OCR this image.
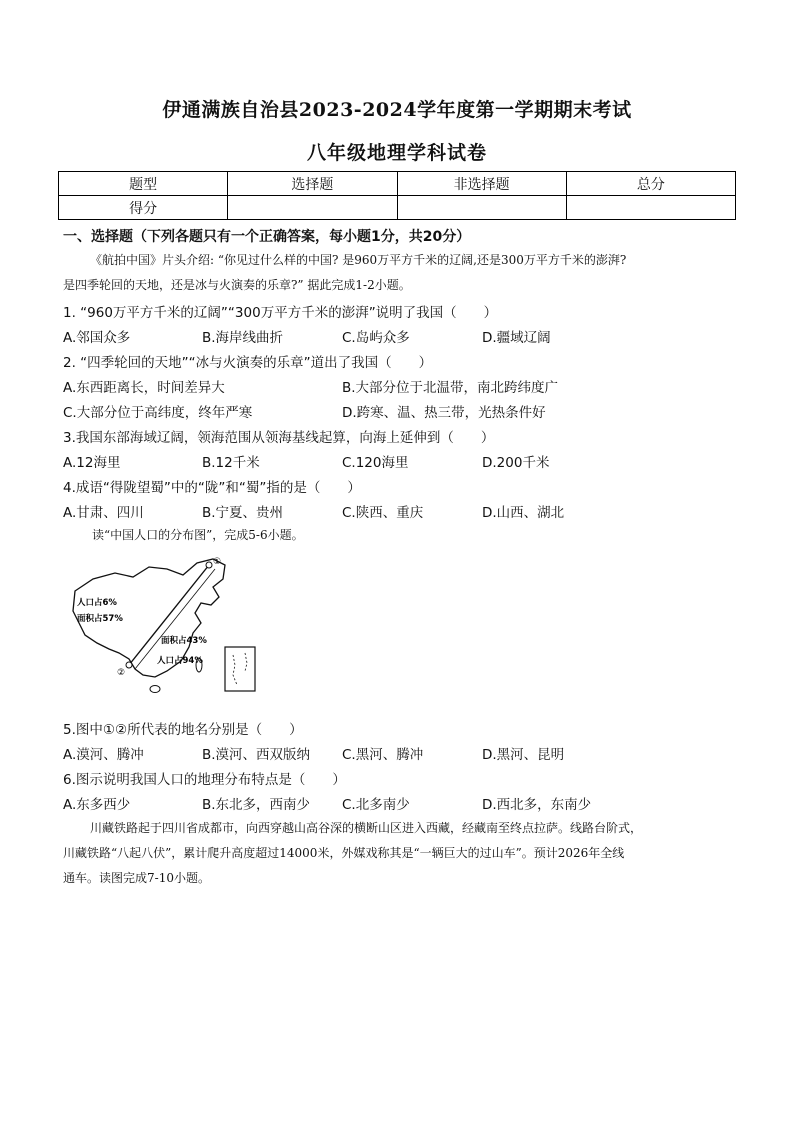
伊通满族自治县2023-2024学年度第一学期期末考试
八年级地理学科试卷
题型	选择题	非选择题	总分
得分			
一、选择题（下列各题只有一个正确答案，每小题1分，共20分）
《航拍中国》片头介绍: “你见过什么样的中国? 是960万平方千米的辽阔,还是300万平方千米的澎湃?
是四季轮回的天地，还是冰与火演奏的乐章?” 据此完成1-2小题。
1. “960万平方千米的辽阔”“300万平方千米的澎湃”说明了我国（　　）
A.邻国众多	B.海岸线曲折	C.岛屿众多	D.疆域辽阔
2. “四季轮回的天地”“冰与火演奏的乐章”道出了我国（　　）
A.东西距离长，时间差异大	B.大部分位于北温带，南北跨纬度广
C.大部分位于高纬度，终年严寒	D.跨寒、温、热三带，光热条件好
3.我国东部海域辽阔，领海范围从领海基线起算，向海上延伸到（　　）
A.12海里	B.12千米	C.120海里	D.200千米
4.成语“得陇望蜀”中的“陇”和“蜀”指的是（　　）
A.甘肃、四川	B.宁夏、贵州	C.陕西、重庆	D.山西、湖北
读“中国人口的分布图”，完成5-6小题。
①
②
人口占6%
面积占57%
面积占43%
人口占94%
5.图中①②所代表的地名分别是（　　）
A.漠河、腾冲	B.漠河、西双版纳 C.黑河、腾冲	D.黑河、昆明
6.图示说明我国人口的地理分布特点是（　　）
A.东多西少	B.东北多，西南少 C.北多南少	D.西北多，东南少
川藏铁路起于四川省成都市，向西穿越山高谷深的横断山区进入西藏，经藏南至终点拉萨。线路台阶式，
川藏铁路“八起八伏”，累计爬升高度超过14000米，外媒戏称其是“一辆巨大的过山车”。预计2026年全线
通车。读图完成7-10小题。
